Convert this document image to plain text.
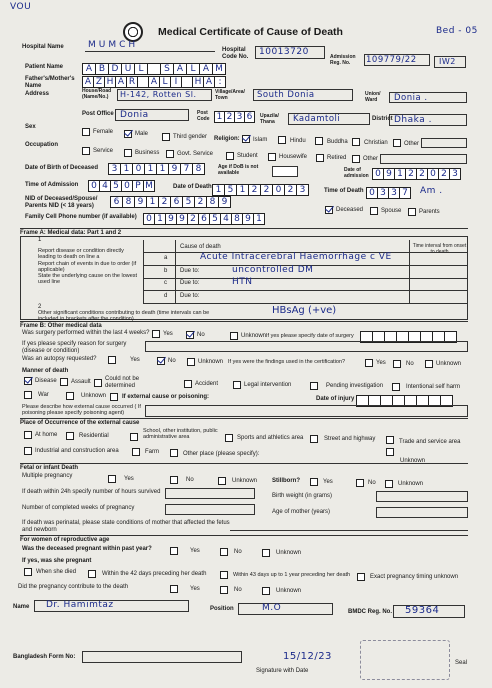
VOU
Medical Certificate of Cause of Death	Bed - 05
Hospital Name	MUMCH	Hospital Code No.	10013720	Admission Reg. No.	109779/22	IW2
Patient Name	A B D U L	S A L A M
Father's/Mother's Name	A Z H A R	A L I	H A :
Address	House/Road (Name/No.)	H-142, Rotten Sl.	Village/Area/ Town	South Donia	Union/ Ward	Donia .
Post Office Donia	Post Code 1 2 3 6	Upazila/ Thana	Kadamtoli	District Dhaka .
Sex
Female	Male	Third gender Religion: Islam	Hindu	Buddha	Christian	Other
Occupation
Service	Business	Govt. Service	Student	Housewife	Retired	Other
Date of Birth of Deceased	3 1 0 1 1 9 7 8	Age if DoB is not available	Date of admission 0 9 1 2 2 0 2 3
Time of Admission	0 4 5 0 P M	Date of Death 1 5 1 2 2 0 2 3	Time of Death 0 3 3 7	Am .
NID of Deceased/Spouse/ Parents NID (< 18 years)	6 8 9 1 2 6 5 2 8 9
Deceased	Spouse	Parents
Family Cell Phone number (if available)	0 1 9 9 2 6 5 4 8 9 1
Frame A: Medical data: Part 1 and 2
1
Cause of death	Time interval from onset to death
Report disease or condition directly leading to death on line a	a	Acute Intracerebral Haemorrhage c VE
Report chain of events in due to order (if applicable)	b Due to:	uncontrolled DM
State the underlying cause on the lowest used line	c Due to:	HTN
d Due to:
2
Other significant conditions contributing to death (time intervals can be included in brackets after the condition)
HBsAg (+ve)
Frame B: Other medical data
Was surgery performed within the last 4 weeks? Yes	No	Unknown If yes please specify date of surgery
If yes please specify reason for surgery (disease or condition)
Was an autopsy requested?	Yes	No	Unknown If yes were the findings used in the certification?	Yes	No	Unknown
Manner of death
Disease Assault Could not be determined	Accident	Legal intervention	Pending investigation	Intentional self harm
War	Unknown	If external cause or poisoning:	Date of injury
Please describe how external cause occurred ( If poisoning please specify poisoning agent)
Place of Occurrence of the external cause
At home	Residential
School, other institution, public administrative area	Sports and athletics area	Street and highway	Trade and service area
Industrial and construction area	Farm	Other place (please specify):
Unknown
Fetal or infant Death
Multiple pregnancy	Yes	No	Unknown Stillborn?	Yes	No	Unknown
If death within 24h specify number of hours survived
Birth weight (in grams)
Number of completed weeks of pregnancy
Age of mother (years)
If death was perinatal, please state conditions of mother that affected the fetus and newborn
For women of reproductive age
Was the deceased pregnant within past year?	Yes	No	Unknown
If yes, was she pregnant
When she died	Within the 42 days preceding her death	Within 43 days up to 1 year preceding her death	Exact pregnancy timing unknown
Did the pregnancy contribute to the death	Yes	No	Unknown
Name Dr. Hamimtaz	Position	M.O	BMDC Reg. No. 59364
Bangladesh Form No:	15/12/23
Signature with Date
Seal
